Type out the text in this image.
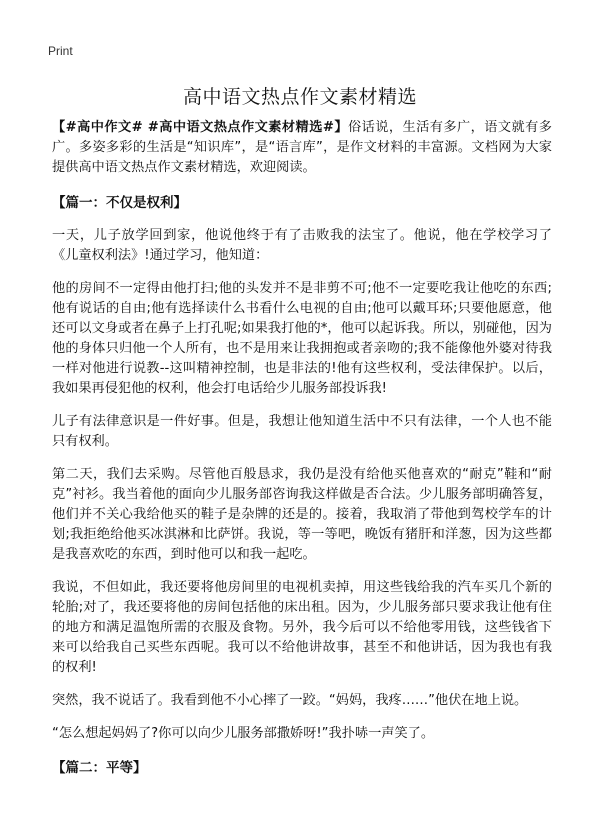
Print
高中语文热点作文素材精选

【#高中作文# #高中语文热点作文素材精选#】俗话说，生活有多广，语文就有多广。多姿多彩的生活是“知识库”，是“语言库”，是作文材料的丰富源。文档网为大家提供高中语文热点作文素材精选，欢迎阅读。

【篇一：不仅是权利】

一天，儿子放学回到家，他说他终于有了击败我的法宝了。他说，他在学校学习了《儿童权利法》!通过学习，他知道：

他的房间不一定得由他打扫;他的头发并不是非剪不可;他不一定要吃我让他吃的东西;他有说话的自由;他有选择读什么书看什么电视的自由;他可以戴耳环;只要他愿意，他还可以文身或者在鼻子上打孔呢;如果我打他的*，他可以起诉我。所以，别碰他，因为他的身体只归他一个人所有，也不是用来让我拥抱或者亲吻的;我不能像他外婆对待我一样对他进行说教--这叫精神控制，也是非法的!他有这些权利，受法律保护。以后，我如果再侵犯他的权利，他会打电话给少儿服务部投诉我!

儿子有法律意识是一件好事。但是，我想让他知道生活中不只有法律，一个人也不能只有权利。

第二天，我们去采购。尽管他百般恳求，我仍是没有给他买他喜欢的“耐克”鞋和“耐克”衬衫。我当着他的面向少儿服务部咨询我这样做是否合法。少儿服务部明确答复，他们并不关心我给他买的鞋子是杂牌的还是的。接着，我取消了带他到驾校学车的计划;我拒绝给他买冰淇淋和比萨饼。我说，等一等吧，晚饭有猪肝和洋葱，因为这些都是我喜欢吃的东西，到时他可以和我一起吃。

我说，不但如此，我还要将他房间里的电视机卖掉，用这些钱给我的汽车买几个新的轮胎;对了，我还要将他的房间包括他的床出租。因为，少儿服务部只要求我让他有住的地方和满足温饱所需的衣服及食物。另外，我今后可以不给他零用钱，这些钱省下来可以给我自己买些东西呢。我可以不给他讲故事，甚至不和他讲话，因为我也有我的权利!

突然，我不说话了。我看到他不小心摔了一跤。“妈妈，我疼……”他伏在地上说。

“怎么想起妈妈了?你可以向少儿服务部撒娇呀!”我扑哧一声笑了。

【篇二：平等】
